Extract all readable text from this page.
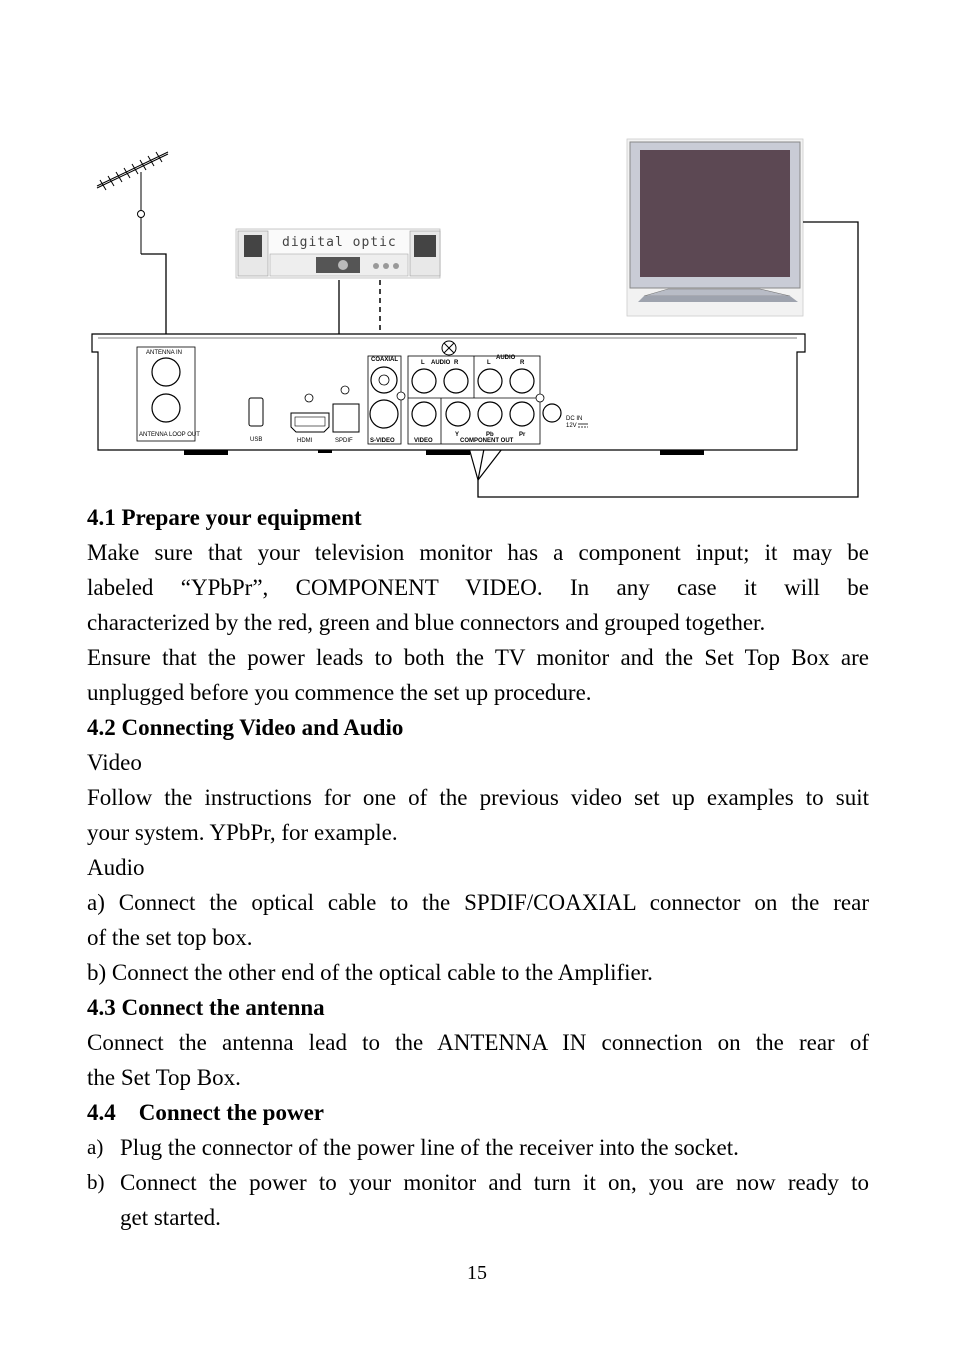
digital optic
ANTENNA IN
ANTENNA LOOP OUT
USB	HDMI	SPDIF
COAXIAL
S-VIDEO
L AUDIO R	L
AUDIO
R
VIDEO
Y	Pb	Pr
COMPONENT OUT
DC IN
12V

4.1 Prepare your equipment

Make sure that your television monitor has a component input; it may be

labeled “YPbPr”, COMPONENT VIDEO. In any case it will be

characterized by the red, green and blue connectors and grouped together.

Ensure that the power leads to both the TV monitor and the Set Top Box are

unplugged before you commence the set up procedure.

4.2 Connecting Video and Audio

Video

Follow the instructions for one of the previous video set up examples to suit

your system. YPbPr, for example.

Audio

a) Connect the optical cable to the SPDIF/COAXIAL connector on the rear

of the set top box.

b) Connect the other end of the optical cable to the Amplifier.

4.3 Connect the antenna

Connect the antenna lead to the ANTENNA IN connection on the rear of

the Set Top Box.

4.4    Connect the power

a) Plug the connector of the power line of the receiver into the socket.

b) Connect the power to your monitor and turn it on, you are now ready to

get started.

15
